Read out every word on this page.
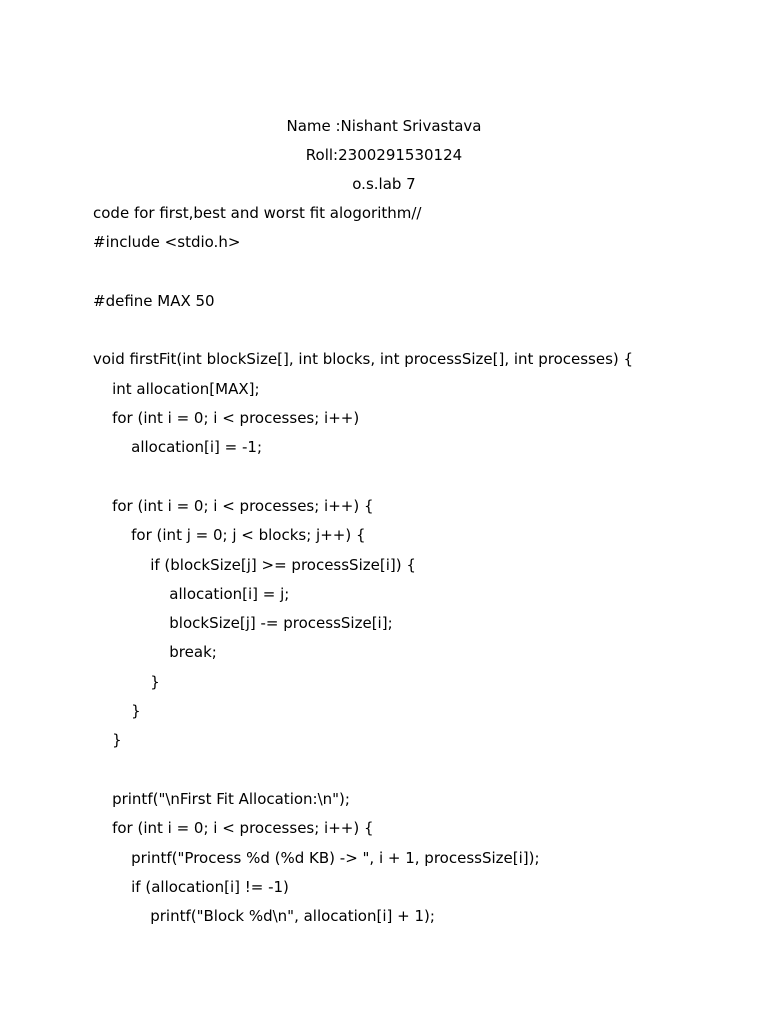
Name :Nishant Srivastava
Roll:2300291530124
o.s.lab 7
code for first,best and worst fit alogorithm//
#include <stdio.h>
#define MAX 50
void firstFit(int blockSize[], int blocks, int processSize[], int processes) {
int allocation[MAX];
for (int i = 0; i < processes; i++)
allocation[i] = -1;
for (int i = 0; i < processes; i++) {
for (int j = 0; j < blocks; j++) {
if (blockSize[j] >= processSize[i]) {
allocation[i] = j;
blockSize[j] -= processSize[i];
break;
}
}
}
printf("\nFirst Fit Allocation:\n");
for (int i = 0; i < processes; i++) {
printf("Process %d (%d KB) -> ", i + 1, processSize[i]);
if (allocation[i] != -1)
printf("Block %d\n", allocation[i] + 1);
